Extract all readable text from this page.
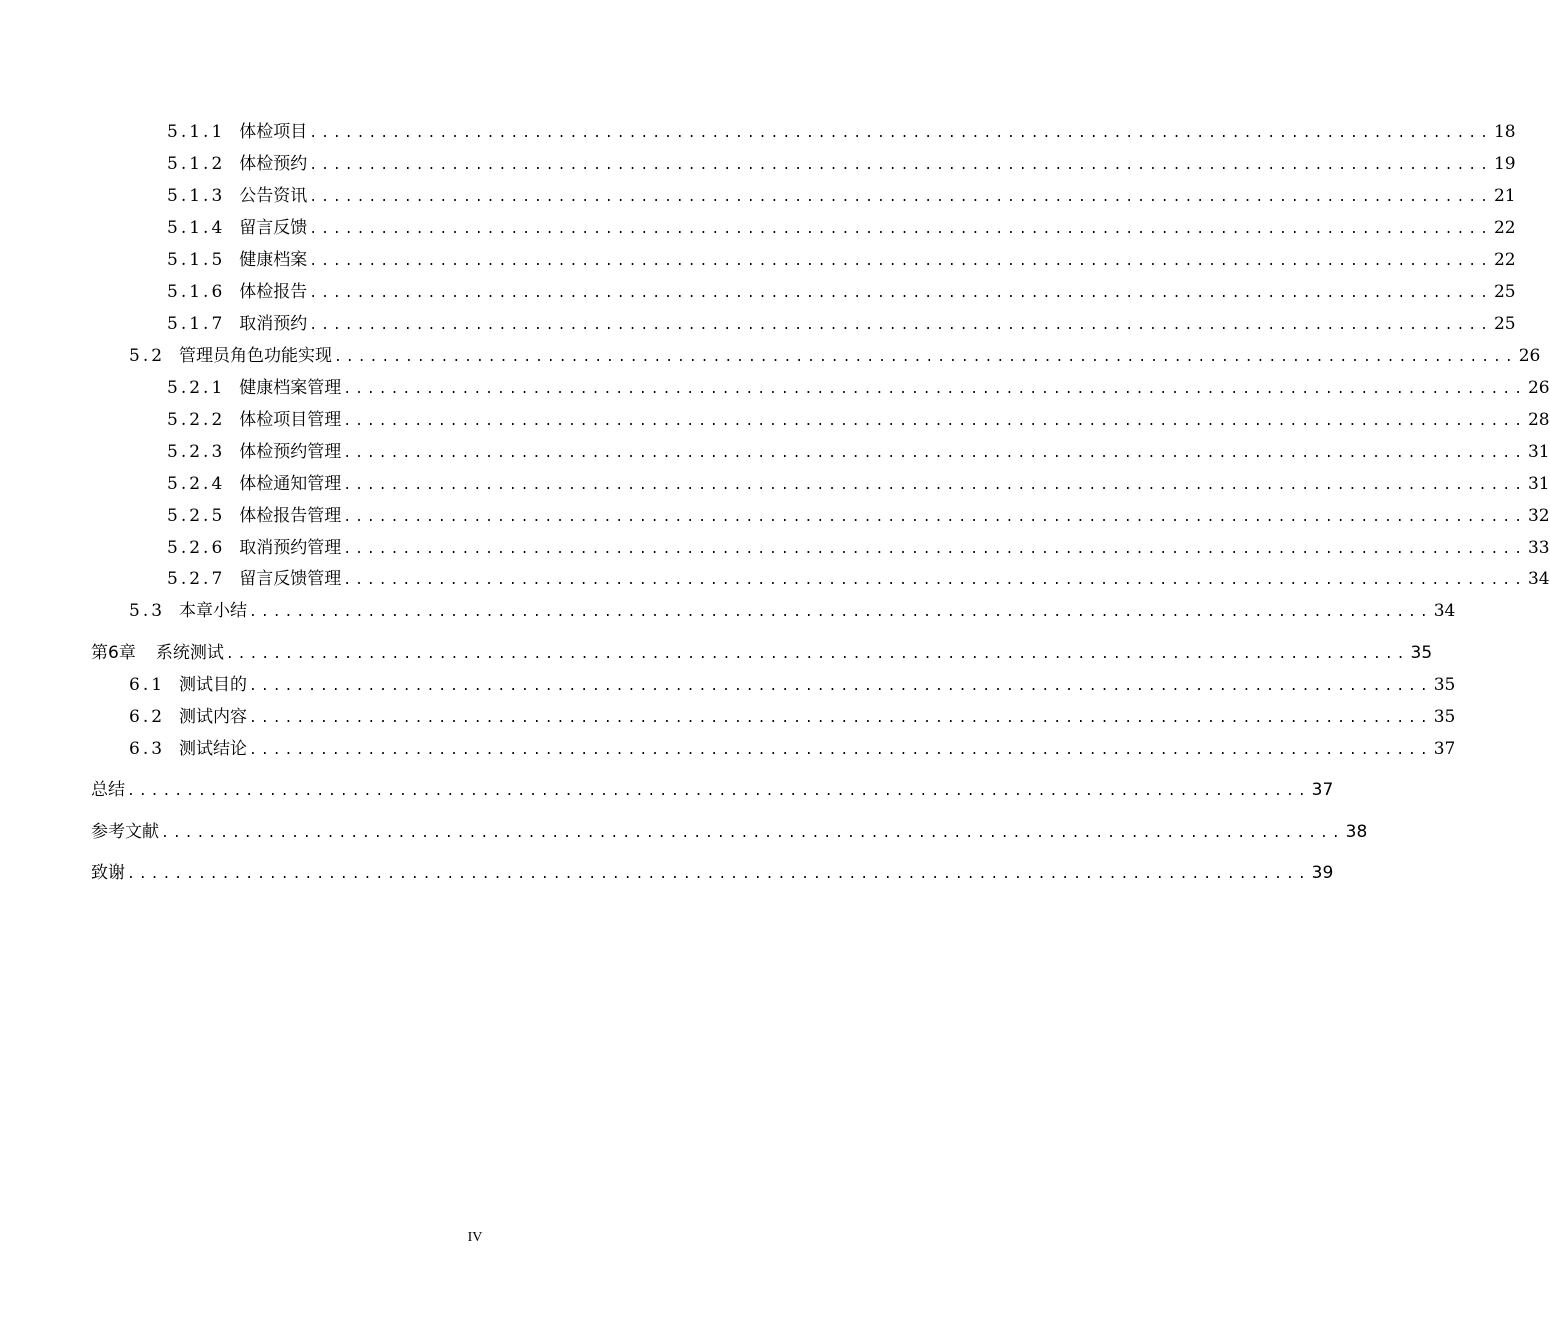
5.1.1 体检项目 .................................................................................................... 18
5.1.2 体检预约 .................................................................................................... 19
5.1.3 公告资讯 .................................................................................................... 21
5.1.4 留言反馈 .................................................................................................... 22
5.1.5 健康档案 .................................................................................................... 22
5.1.6 体检报告 .................................................................................................... 25
5.1.7 取消预约 .................................................................................................... 25
5.2 管理员角色功能实现 .................................................................................................... 26
5.2.1 健康档案管理 .................................................................................................... 26
5.2.2 体检项目管理 .................................................................................................... 28
5.2.3 体检预约管理 .................................................................................................... 31
5.2.4 体检通知管理 .................................................................................................... 31
5.2.5 体检报告管理 .................................................................................................... 32
5.2.6 取消预约管理 .................................................................................................... 33
5.2.7 留言反馈管理 .................................................................................................... 34
5.3 本章小结 .................................................................................................... 34
第6章 系统测试 .................................................................................................... 35
6.1 测试目的 .................................................................................................... 35
6.2 测试内容 .................................................................................................... 35
6.3 测试结论 .................................................................................................... 37
总结 .................................................................................................... 37
参考文献 .................................................................................................... 38
致谢 .................................................................................................... 39
IV
